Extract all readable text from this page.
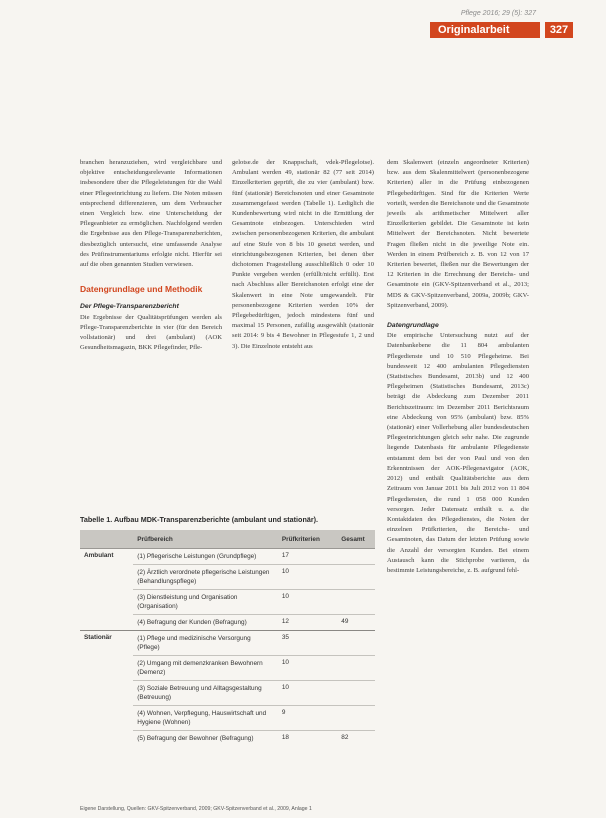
Pflege 2016; 29 (5): 327
Originalarbeit	327

branchen heranzuziehen, wird vergleichbare und objektive entscheidungsrelevante Informationen insbesondere über die Pflegeleistungen für die Wahl einer Pflegeeinrichtung zu liefern. Die Noten müssen entsprechend differenzieren, um dem Verbraucher einen Vergleich bzw. eine Unterscheidung der Pflegeanbieter zu ermöglichen. Nachfolgend werden die Ergebnisse aus den Pflege-Transparenzberichten, diesbezüglich untersucht, eine umfassende Analyse des Prüfinstrumentariums erfolgte nicht. Hierfür sei auf die oben genannten Studien verwiesen.

Datengrundlage und Methodik
Der Pflege-Transparenzbericht

Die Ergebnisse der Qualitätsprüfungen werden als Pflege-Transparenzberichte in vier (für den Bereich vollstationär) und drei (ambulant) (AOK Gesundheitsmagazin, BKK Pflegefinder, Pfle-

gelotse.de der Knappschaft, vdek-Pflegelotse). Ambulant werden 49, stationär 82 (77 seit 2014) Einzelkriterien geprüft, die zu vier (ambulant) bzw. fünf (stationär) Bereichsnoten und einer Gesamtnote zusammengefasst werden (Tabelle 1). Lediglich die Kundenbewertung wird nicht in die Ermittlung der Gesamtnote einbezogen. Unterschieden wird zwischen personenbezogenen Kriterien, die ambulant auf eine Stufe von 8 bis 10 gesetzt werden, und einrichtungsbezogenen Kriterien, bei denen über dichotomen Fragestellung ausschließlich 0 oder 10 Punkte vergeben werden (erfüllt/nicht erfüllt). Erst nach Abschluss aller Bereichsnoten erfolgt eine der Skalenwert in eine Note umgewandelt. Für personenbezogene Kriterien werden 10% der Pflegebedürftigen, jedoch mindestens fünf und maximal 15 Personen, zufällig ausgewählt (stationär seit 2014: 9 bis 4 Bewohner in Pflegestufe 1, 2 und 3). Die Einzelnote entsteht aus

dem Skalenwert (einzeln angeordneter Kriterien) bzw. aus dem Skalenmittelwert (personenbezogene Kriterien) aller in die Prüfung einbezogenen Pflegebedürftigen. Sind für die Kriterien Werte vorteilt, werden die Bereichsnote und die Gesamtnote jeweils als arithmetischer Mittelwert aller Einzelkriterien gebildet. Die Gesamtnote ist kein Mittelwert der Bereichsnoten. Nicht bewertete Fragen fließen nicht in die jeweilige Note ein. Werden in einem Prüfbereich z. B. von 12 von 17 Kriterien bewertet, fließen nur die Bewertungen der 12 Kriterien in die Errechnung der Bereichs- und Gesamtnote ein (GKV-Spitzenverband et al., 2013; MDS & GKV-Spitzenverband, 2009a, 2009b; GKV-Spitzenverband, 2009).

Datengrundlage

Die empirische Untersuchung nutzt auf der Datenbankebene die 11 804 ambulanten Pflegedienste und 10 510 Pflegeheime. Bei bundesweit 12 400 ambulanten Pflegediensten (Statistisches Bundesamt, 2013b) und 12 400 Pflegeheimen (Statistisches Bundesamt, 2013c) beträgt die Abdeckung zum Dezember 2011 Berichtszeitraum: im Dezember 2011 Berichtsraum eine Abdeckung von 95% (ambulant) bzw. 85% (stationär) einer Vollerhebung aller bundesdeutschen Pflegeeinrichtungen gleich sehr nahe. Die zugrunde liegende Datenbasis für ambulante Pflegedienste entstammt dem bei der von Paul und von den Erkenntnissen der AOK-Pflegenavigator (AOK, 2012) und enthält Qualitätsberichte aus dem Zeitraum von Januar 2011 bis Juli 2012 von 11 804 Pflegediensten, die rund 1 058 000 Kunden versorgen. Jeder Datensatz enthält u. a. die Kontaktdaten des Pflegedienstes, die Noten der einzelnen Prüfkriterien, die Bereichs- und Gesamtnoten, das Datum der letzten Prüfung sowie die Anzahl der versorgten Kunden. Bei einem Austausch kann die Stichprobe variieren, da bestimmte Leistungsbereiche, z. B. aufgrund fehl-

Tabelle 1. Aufbau MDK-Transparenzberichte (ambulant und stationär).
	Prüfbereich	Prüfkriterien	Gesamt
Ambulant	(1) Pflegerische Leistungen (Grundpflege)	17	
	(2) Ärztlich verordnete pflegerische Leistungen (Behandlungspflege)	10	
	(3) Dienstleistung und Organisation (Organisation)	10	
	(4) Befragung der Kunden (Befragung)	12	49
Stationär	(1) Pflege und medizinische Versorgung (Pflege)	35	
	(2) Umgang mit demenzkranken Bewohnern (Demenz)	10	
	(3) Soziale Betreuung und Alltagsgestaltung (Betreuung)	10	
	(4) Wohnen, Verpflegung, Hauswirtschaft und Hygiene (Wohnen)	9	
	(5) Befragung der Bewohner (Befragung)	18	82
Eigene Darstellung, Quellen: GKV-Spitzenverband, 2009; GKV-Spitzenverband et al., 2009, Anlage 1
